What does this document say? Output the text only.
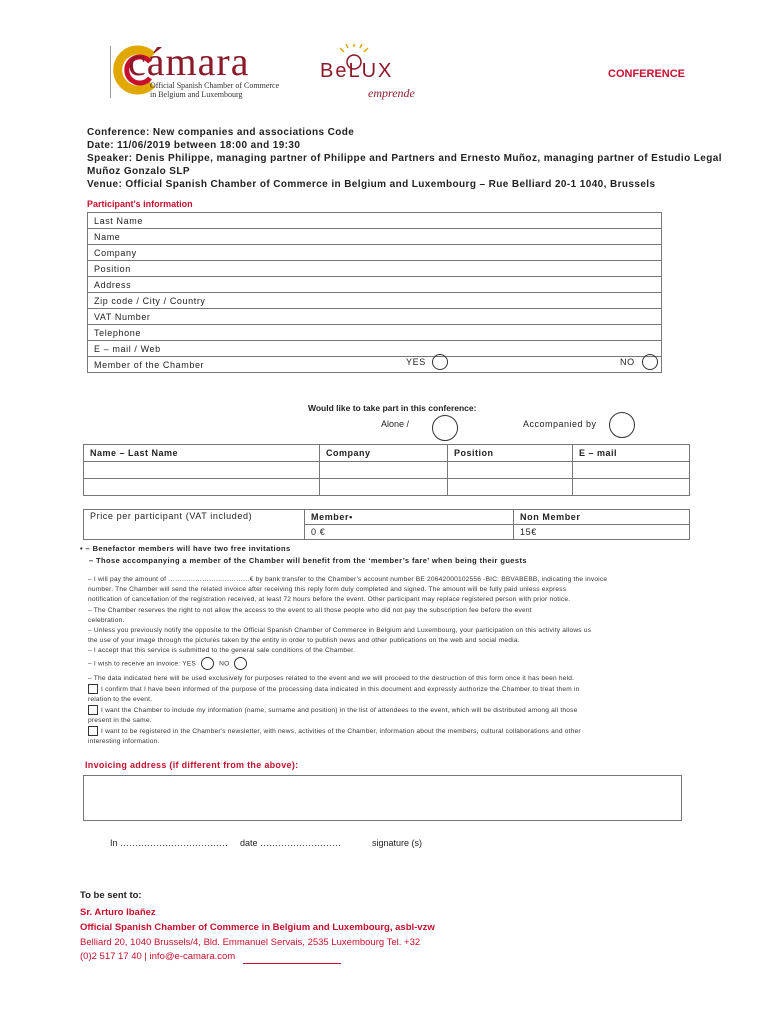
cámara
Official Spanish Chamber of Commerce
in Belgium and Luxembourg
BeLUX
emprende
CONFERENCE
Conference: New companies and associations Code
Date: 11/06/2019 between 18:00 and 19:30
Speaker: Denis Philippe, managing partner of Philippe and Partners and Ernesto Muñoz, managing partner of Estudio Legal Muñoz Gonzalo SLP
Venue: Official Spanish Chamber of Commerce in Belgium and Luxembourg – Rue Belliard 20-1 1040, Brussels
Participant's information
Last Name
Name
Company
Position
Address
Zip code / City / Country
VAT Number
Telephone
E – mail / Web
Member of the Chamber	YES	NO
Would like to take part in this conference:
Alone /	Accompanied by
Name – Last Name	Company	Position	E – mail

Price per participant (VAT included)	Member•	Non Member
	0 €	15€
• – Benefactor members will have two free invitations
– Those accompanying a member of the Chamber will benefit from the ‘member’s fare’ when being their guests
– I will pay the amount of ………………………………€ by bank transfer to the Chamber’s account number BE 20642000102556 -BIC: BBVABEBB, indicating the invoice
number. The Chamber will send the related invoice after receiving this reply form duly completed and signed. The amount will be fully paid unless express
notification of cancellation of the registration received, at least 72 hours before the event. Other participant may replace registered person with prior notice.
– The Chamber reserves the right to not allow the access to the event to all those people who did not pay the subscription fee before the event
celebration.
– Unless you previously notify the opposite to the Official Spanish Chamber of Commerce in Belgium and Luxembourg, your participation on this activity allows us
the use of your image through the pictures taken by the entity in order to publish news and other publications on the web and social media.
– I accept that this service is submitted to the general sale conditions of the Chamber.
– I wish to receive an invoice: YES	NO
– The data indicated here will be used exclusively for purposes related to the event and we will proceed to the destruction of this form once it has been held.
I confirm that I have been informed of the purpose of the processing data indicated in this document and expressly authorize the Chamber to treat them in
relation to the event.
I want the Chamber to include my information (name, surname and position) in the list of attendees to the event, which will be distributed among all those
present in the same.
I want to be registered in the Chamber's newsletter, with news, activities of the Chamber, information about the members, cultural collaborations and other
interesting information.
Invoicing address (if different from the above):
In ……………………………… date ………………………	signature (s)
To be sent to:
Sr. Arturo Ibañez
Official Spanish Chamber of Commerce in Belgium and Luxembourg, asbl-vzw
Belliard 20, 1040 Brussels/4, Bld. Emmanuel Servais, 2535 Luxembourg Tel. +32
(0)2 517 17 40 | info@e-camara.com
